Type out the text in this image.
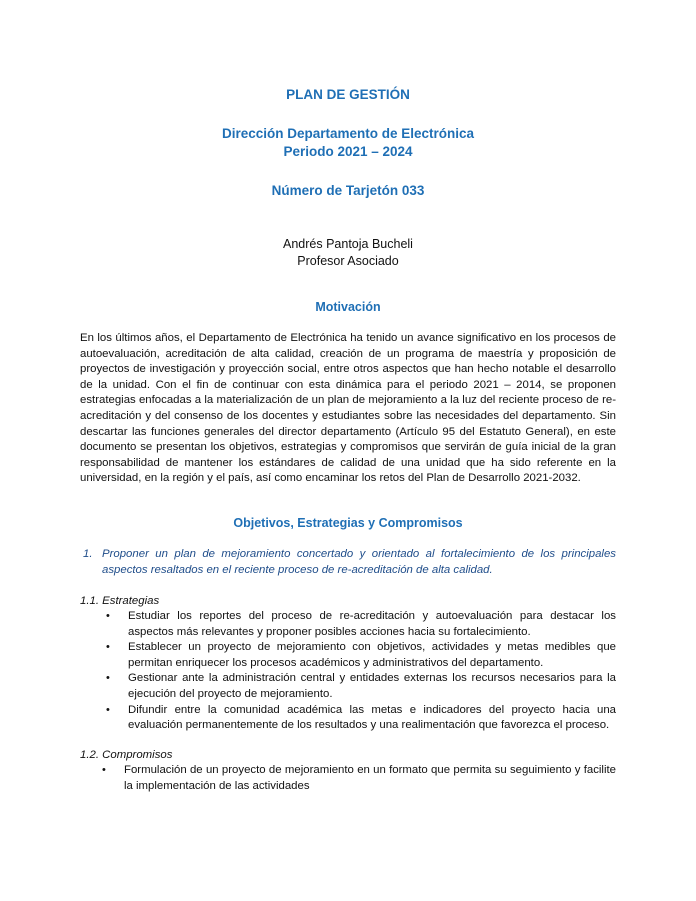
PLAN DE GESTIÓN
Dirección Departamento de Electrónica
Periodo 2021 – 2024
Número de Tarjetón 033
Andrés Pantoja Bucheli
Profesor Asociado
Motivación
En los últimos años, el Departamento de Electrónica ha tenido un avance significativo en los procesos de autoevaluación, acreditación de alta calidad, creación de un programa de maestría y proposición de proyectos de investigación y proyección social, entre otros aspectos que han hecho notable el desarrollo de la unidad. Con el fin de continuar con esta dinámica para el periodo 2021 – 2014, se proponen estrategias enfocadas a la materialización de un plan de mejoramiento a la luz del reciente proceso de re-acreditación y del consenso de los docentes y estudiantes sobre las necesidades del departamento. Sin descartar las funciones generales del director departamento (Artículo 95 del Estatuto General), en este documento se presentan los objetivos, estrategias y compromisos que servirán de guía inicial de la gran responsabilidad de mantener los estándares de calidad de una unidad que ha sido referente en la universidad, en la región y el país, así como encaminar los retos del Plan de Desarrollo 2021-2032.
Objetivos, Estrategias y Compromisos
1. Proponer un plan de mejoramiento concertado y orientado al fortalecimiento de los principales aspectos resaltados en el reciente proceso de re-acreditación de alta calidad.
1.1. Estrategias
• Estudiar los reportes del proceso de re-acreditación y autoevaluación para destacar los aspectos más relevantes y proponer posibles acciones hacia su fortalecimiento.
• Establecer un proyecto de mejoramiento con objetivos, actividades y metas medibles que permitan enriquecer los procesos académicos y administrativos del departamento.
• Gestionar ante la administración central y entidades externas los recursos necesarios para la ejecución del proyecto de mejoramiento.
• Difundir entre la comunidad académica las metas e indicadores del proyecto hacia una evaluación permanentemente de los resultados y una realimentación que favorezca el proceso.
1.2. Compromisos
• Formulación de un proyecto de mejoramiento en un formato que permita su seguimiento y facilite la implementación de las actividades
